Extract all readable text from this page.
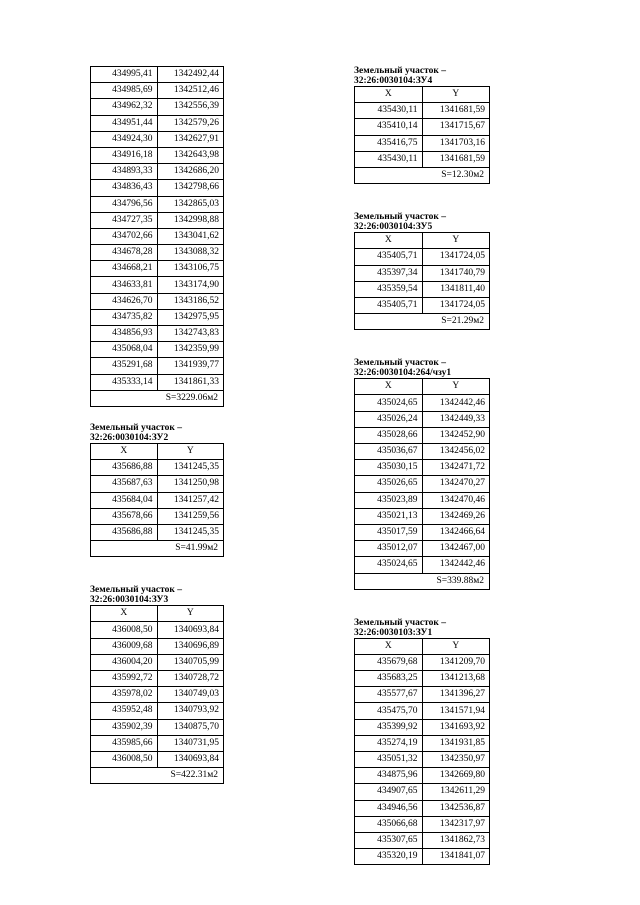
434995,41	1342492,44
434985,69	1342512,46
434962,32	1342556,39
434951,44	1342579,26
434924,30	1342627,91
434916,18	1342643,98
434893,33	1342686,20
434836,43	1342798,66
434796,56	1342865,03
434727,35	1342998,88
434702,66	1343041,62
434678,28	1343088,32
434668,21	1343106,75
434633,81	1343174,90
434626,70	1343186,52
434735,82	1342975,95
434856,93	1342743,83
435068,04	1342359,99
435291,68	1341939,77
435333,14	1341861,33
S=3229.06м2	

Земельный участок –
32:26:0030104:ЗУ2

X	Y
435686,88	1341245,35
435687,63	1341250,98
435684,04	1341257,42
435678,66	1341259,56
435686,88	1341245,35
S=41.99м2	

Земельный участок –
32:26:0030104:ЗУ3

X	Y
436008,50	1340693,84
436009,68	1340696,89
436004,20	1340705,99
435992,72	1340728,72
435978,02	1340749,03
435952,48	1340793,92
435902,39	1340875,70
435985,66	1340731,95
436008,50	1340693,84
S=422.31м2	

Земельный участок –
32:26:0030104:ЗУ4

X	Y
435430,11	1341681,59
435410,14	1341715,67
435416,75	1341703,16
435430,11	1341681,59
S=12.30м2	

Земельный участок –
32:26:0030104:ЗУ5

X	Y
435405,71	1341724,05
435397,34	1341740,79
435359,54	1341811,40
435405,71	1341724,05
S=21.29м2	

Земельный участок –
32:26:0030104:264/чзу1

X	Y
435024,65	1342442,46
435026,24	1342449,33
435028,66	1342452,90
435036,67	1342456,02
435030,15	1342471,72
435026,65	1342470,27
435023,89	1342470,46
435021,13	1342469,26
435017,59	1342466,64
435012,07	1342467,00
435024,65	1342442,46
S=339.88м2	

Земельный участок –
32:26:0030103:ЗУ1

X	Y
435679,68	1341209,70
435683,25	1341213,68
435577,67	1341396,27
435475,70	1341571,94
435399,92	1341693,92
435274,19	1341931,85
435051,32	1342350,97
434875,96	1342669,80
434907,65	1342611,29
434946,56	1342536,87
435066,68	1342317,97
435307,65	1341862,73
435320,19	1341841,07
